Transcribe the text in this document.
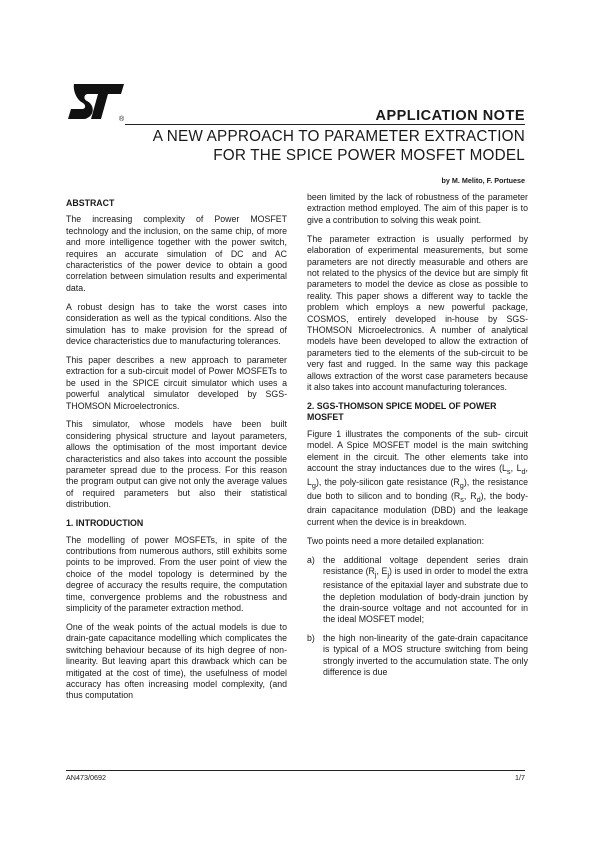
®	APPLICATION NOTE
A NEW APPROACH TO PARAMETER EXTRACTION
FOR THE SPICE POWER MOSFET MODEL
by M. Melito, F. Portuese
ABSTRACT

The increasing complexity of Power MOSFET technology and the inclusion, on the same chip, of more and more intelligence together with the power switch, requires an accurate simulation of DC and AC characteristics of the power device to obtain a good correlation between simulation results and experimental data.

A robust design has to take the worst cases into consideration as well as the typical conditions. Also the simulation has to make provision for the spread of device characteristics due to manufacturing tolerances.

This paper describes a new approach to parameter extraction for a sub-circuit model of Power MOSFETs to be used in the SPICE circuit simulator which uses a powerful analytical simulator developed by SGS-THOMSON Microelectronics.

This simulator, whose models have been built considering physical structure and layout parameters, allows the optimisation of the most important device characteristics and also takes into account the possible parameter spread due to the process. For this reason the program output can give not only the average values of required parameters but also their statistical distribution.

1. INTRODUCTION

The modelling of power MOSFETs, in spite of the contributions from numerous authors, still exhibits some points to be improved. From the user point of view the choice of the model topology is determined by the degree of accuracy the results require, the computation time, convergence problems and the robustness and simplicity of the parameter extraction method.

One of the weak points of the actual models is due to drain-gate capacitance modelling which complicates the switching behaviour because of its high degree of non-linearity. But leaving apart this drawback which can be mitigated at the cost of time), the usefulness of model accuracy has often increasing model complexity, (and thus computation

been limited by the lack of robustness of the parameter extraction method employed. The aim of this paper is to give a contribution to solving this weak point.

The parameter extraction is usually performed by elaboration of experimental measurements, but some parameters are not directly measurable and others are not related to the physics of the device but are simply fit parameters to model the device as close as possible to reality. This paper shows a different way to tackle the problem which employs a new powerful package, COSMOS, entirely developed in-house by SGS-THOMSON Microelectronics. A number of analytical models have been developed to allow the extraction of parameters tied to the elements of the sub-circuit to be very fast and rugged. In the same way this package allows extraction of the worst case parameters because it also takes into account manufacturing tolerances.

2. SGS-THOMSON SPICE MODEL OF POWER MOSFET

Figure 1 illustrates the components of the sub- circuit model. A Spice MOSFET model is the main switching element in the circuit. The other elements take into account the stray inductances due to the wires ($L_s$, $L_d$, $L_g$), the poly-silicon gate resistance $(R_g)$, the resistance due both to silicon and to bonding ($R_s$, $R_d$), the body-drain capacitance modulation (DBD) and the leakage current when the device is in breakdown.

Two points need a more detailed explanation:

a) the additional voltage dependent series drain resistance ($R_j$, $E_j$) is used in order to model the extra resistance of the epitaxial layer and substrate due to the depletion modulation of body-drain junction by the drain-source voltage and not accounted for in the ideal MOSFET model;
b) the high non-linearity of the gate-drain capacitance is typical of a MOS structure switching from being strongly inverted to the accumulation state. The only difference is due
AN473/0692	1/7
